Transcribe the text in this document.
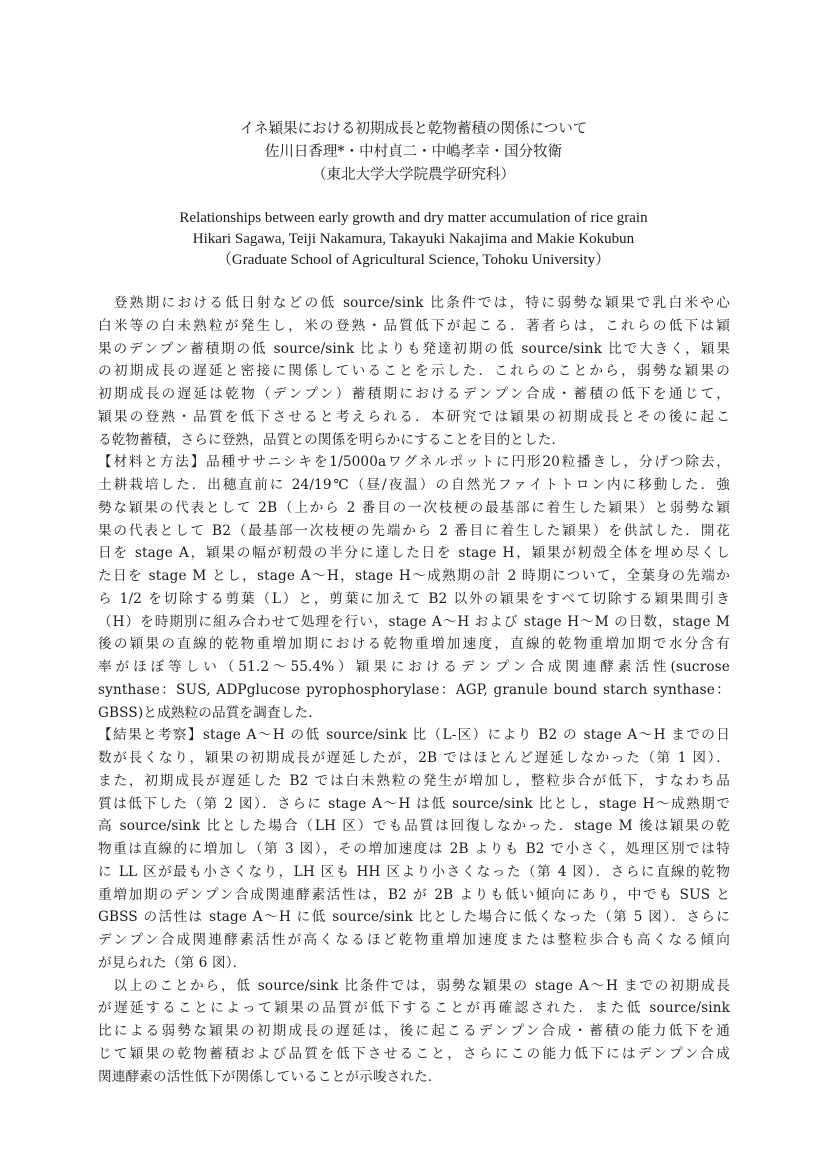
イネ穎果における初期成長と乾物蓄積の関係について
佐川日香理*・中村貞二・中嶋孝幸・国分牧衛
（東北大学大学院農学研究科）
Relationships between early growth and dry matter accumulation of rice grain
Hikari Sagawa, Teiji Nakamura, Takayuki Nakajima and Makie Kokubun
（Graduate School of Agricultural Science, Tohoku University）
　登熟期における低日射などの低 source/sink 比条件では，特に弱勢な穎果で乳白米や心
白米等の白未熟粒が発生し，米の登熟・品質低下が起こる．著者らは，これらの低下は穎
果のデンプン蓄積期の低 source/sink 比よりも発達初期の低 source/sink 比で大きく，穎果
の初期成長の遅延と密接に関係していることを示した．これらのことから，弱勢な穎果の
初期成長の遅延は乾物（デンプン）蓄積期におけるデンプン合成・蓄積の低下を通じて，
穎果の登熟・品質を低下させると考えられる．本研究では穎果の初期成長とその後に起こ
る乾物蓄積，さらに登熟，品質との関係を明らかにすることを目的とした．
【材料と方法】品種ササニシキを1/5000aワグネルポットに円形20粒播きし，分げつ除去，
土耕栽培した．出穂直前に 24/19℃（昼/夜温）の自然光ファイトトロン内に移動した．強
勢な穎果の代表として 2B（上から 2 番目の一次枝梗の最基部に着生した穎果）と弱勢な穎
果の代表として B2（最基部一次枝梗の先端から 2 番目に着生した穎果）を供試した．開花
日を stage A，穎果の幅が籾殻の半分に達した日を stage H，穎果が籾殻全体を埋め尽くし
た日を stage M とし，stage A～H，stage H～成熟期の計 2 時期について，全葉身の先端か
ら 1/2 を切除する剪葉（L）と，剪葉に加えて B2 以外の穎果をすべて切除する穎果間引き
（H）を時期別に組み合わせて処理を行い，stage A～H および stage H～M の日数，stage M
後の穎果の直線的乾物重増加期における乾物重増加速度，直線的乾物重増加期で水分含有
率がほぼ等しい（51.2～55.4%）穎果におけるデンプン合成関連酵素活性(sucrose
synthase：SUS, ADPglucose pyrophosphorylase：AGP, granule bound starch synthase：
GBSS)と成熟粒の品質を調査した．
【結果と考察】stage A～H の低 source/sink 比（L-区）により B2 の stage A～H までの日
数が長くなり，穎果の初期成長が遅延したが，2B ではほとんど遅延しなかった（第 1 図）．
また，初期成長が遅延した B2 では白未熟粒の発生が増加し，整粒歩合が低下，すなわち品
質は低下した（第 2 図）．さらに stage A～H は低 source/sink 比とし，stage H～成熟期で
高 source/sink 比とした場合（LH 区）でも品質は回復しなかった．stage M 後は穎果の乾
物重は直線的に増加し（第 3 図），その増加速度は 2B よりも B2 で小さく，処理区別では特
に LL 区が最も小さくなり，LH 区も HH 区より小さくなった（第 4 図）．さらに直線的乾物
重増加期のデンプン合成関連酵素活性は，B2 が 2B よりも低い傾向にあり，中でも SUS と
GBSS の活性は stage A～H に低 source/sink 比とした場合に低くなった（第 5 図）．さらに
デンプン合成関連酵素活性が高くなるほど乾物重増加速度または整粒歩合も高くなる傾向
が見られた（第 6 図）．
　以上のことから，低 source/sink 比条件では，弱勢な穎果の stage A～H までの初期成長
が遅延することによって穎果の品質が低下することが再確認された．また低 source/sink
比による弱勢な穎果の初期成長の遅延は，後に起こるデンプン合成・蓄積の能力低下を通
じて穎果の乾物蓄積および品質を低下させること，さらにこの能力低下にはデンプン合成
関連酵素の活性低下が関係していることが示唆された．
